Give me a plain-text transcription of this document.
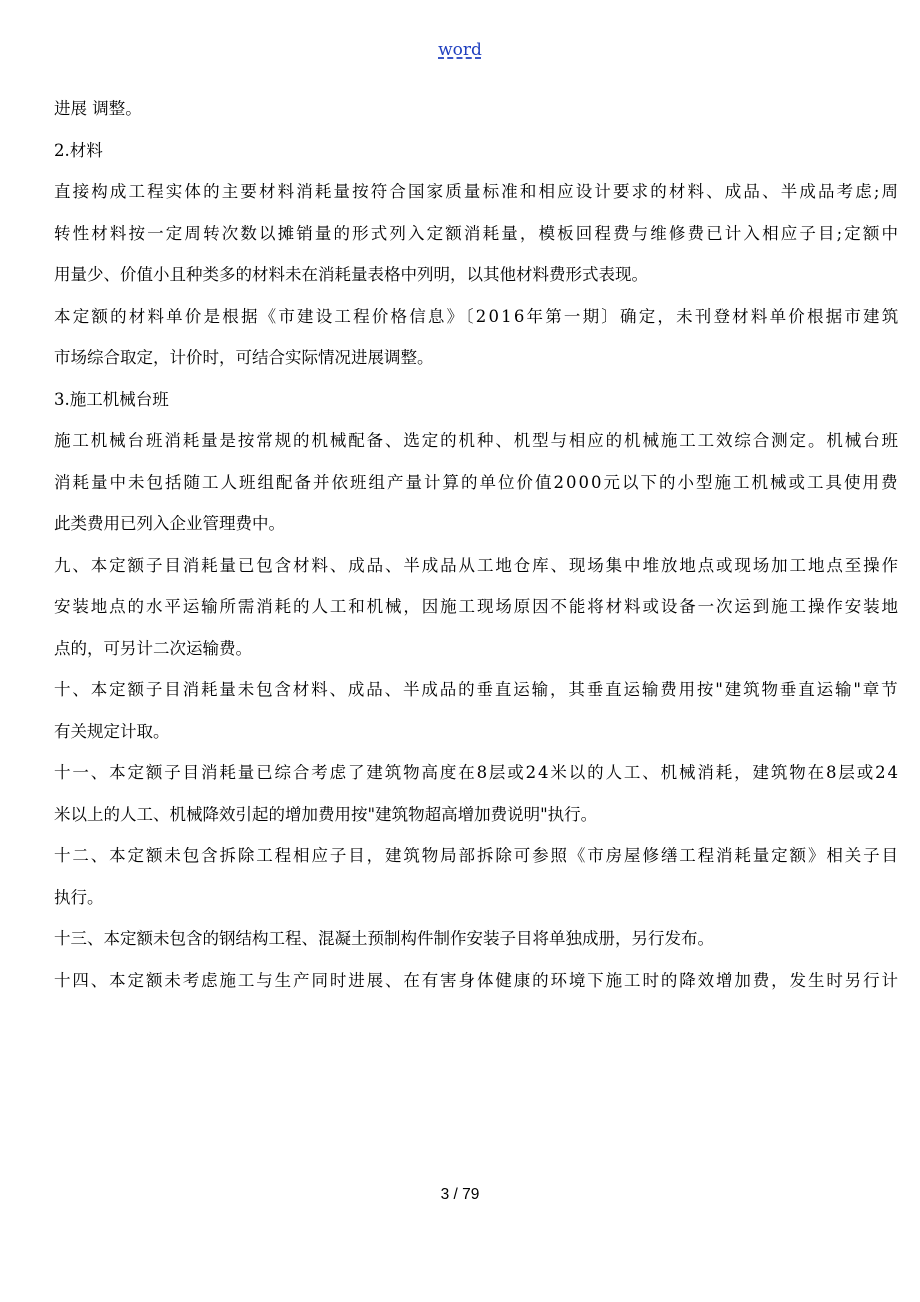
word

进展 调整。

2.材料

直接构成工程实体的主要材料消耗量按符合国家质量标准和相应设计要求的材料、成品、半成品考虑;周
转性材料按一定周转次数以摊销量的形式列入定额消耗量，模板回程费与维修费已计入相应子目;定额中
用量少、价值小且种类多的材料未在消耗量表格中列明，以其他材料费形式表现。

本定额的材料单价是根据《市建设工程价格信息》〔2016年第一期〕确定，未刊登材料单价根据市建筑
市场综合取定，计价时，可结合实际情况进展调整。

3.施工机械台班

施工机械台班消耗量是按常规的机械配备、选定的机种、机型与相应的机械施工工效综合测定。机械台班
消耗量中未包括随工人班组配备并依班组产量计算的单位价值2000元以下的小型施工机械或工具使用费
此类费用已列入企业管理费中。

九、本定额子目消耗量已包含材料、成品、半成品从工地仓库、现场集中堆放地点或现场加工地点至操作
安装地点的水平运输所需消耗的人工和机械，因施工现场原因不能将材料或设备一次运到施工操作安装地
点的，可另计二次运输费。

十、本定额子目消耗量未包含材料、成品、半成品的垂直运输，其垂直运输费用按"建筑物垂直运输"章节
有关规定计取。

十一、本定额子目消耗量已综合考虑了建筑物高度在8层或24米以的人工、机械消耗，建筑物在8层或24
米以上的人工、机械降效引起的增加费用按"建筑物超高增加费说明"执行。

十二、本定额未包含拆除工程相应子目，建筑物局部拆除可参照《市房屋修缮工程消耗量定额》相关子目
执行。

十三、本定额未包含的钢结构工程、混凝土预制构件制作安装子目将单独成册，另行发布。

十四、本定额未考虑施工与生产同时进展、在有害身体健康的环境下施工时的降效增加费，发生时另行计

3 / 79
